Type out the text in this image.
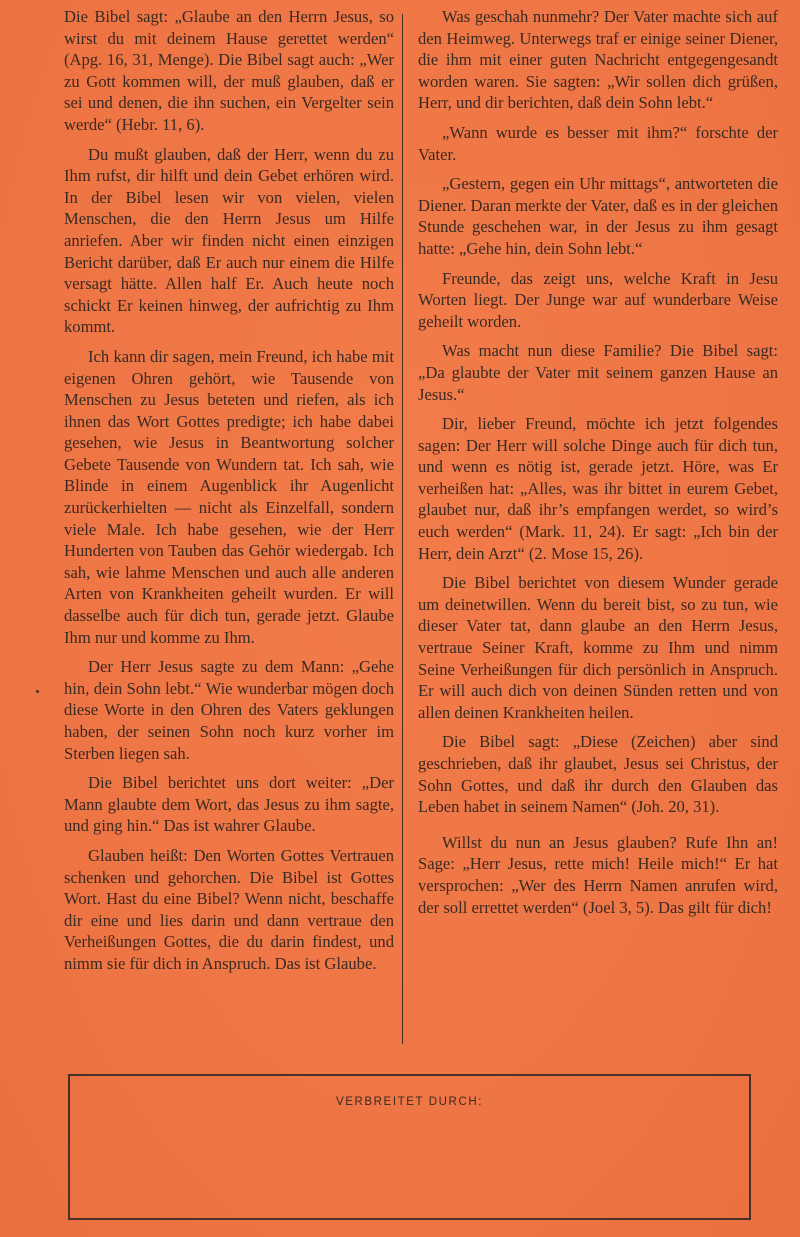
Die Bibel sagt: „Glaube an den Herrn Jesus, so wirst du mit deinem Hause gerettet werden“ (Apg. 16, 31, Menge). Die Bibel sagt auch: „Wer zu Gott kommen will, der muß glauben, daß er sei und denen, die ihn suchen, ein Vergelter sein werde“ (Hebr. 11, 6).

Du mußt glauben, daß der Herr, wenn du zu Ihm rufst, dir hilft und dein Gebet erhören wird. In der Bibel lesen wir von vielen, vielen Menschen, die den Herrn Jesus um Hilfe anriefen. Aber wir finden nicht einen einzigen Bericht darüber, daß Er auch nur einem die Hilfe versagt hätte. Allen half Er. Auch heute noch schickt Er keinen hinweg, der aufrichtig zu Ihm kommt.

Ich kann dir sagen, mein Freund, ich habe mit eigenen Ohren gehört, wie Tausende von Menschen zu Jesus beteten und riefen, als ich ihnen das Wort Gottes predigte; ich habe dabei gesehen, wie Jesus in Beantwortung solcher Gebete Tausende von Wundern tat. Ich sah, wie Blinde in einem Augenblick ihr Augenlicht zurückerhielten — nicht als Einzelfall, sondern viele Male. Ich habe gesehen, wie der Herr Hunderten von Tauben das Gehör wiedergab. Ich sah, wie lahme Menschen und auch alle anderen Arten von Krankheiten geheilt wurden. Er will dasselbe auch für dich tun, gerade jetzt. Glaube Ihm nur und komme zu Ihm.

Der Herr Jesus sagte zu dem Mann: „Gehe hin, dein Sohn lebt.“ Wie wunderbar mögen doch diese Worte in den Ohren des Vaters geklungen haben, der seinen Sohn noch kurz vorher im Sterben liegen sah.

Die Bibel berichtet uns dort weiter: „Der Mann glaubte dem Wort, das Jesus zu ihm sagte, und ging hin.“ Das ist wahrer Glaube.

Glauben heißt: Den Worten Gottes Vertrauen schenken und gehorchen. Die Bibel ist Gottes Wort. Hast du eine Bibel? Wenn nicht, beschaffe dir eine und lies darin und dann vertraue den Verheißungen Gottes, die du darin findest, und nimm sie für dich in Anspruch. Das ist Glaube.

Was geschah nunmehr? Der Vater machte sich auf den Heimweg. Unterwegs traf er einige seiner Diener, die ihm mit einer guten Nachricht entgegengesandt worden waren. Sie sagten: „Wir sollen dich grüßen, Herr, und dir berichten, daß dein Sohn lebt.“

„Wann wurde es besser mit ihm?“ forschte der Vater.

„Gestern, gegen ein Uhr mittags“, antworteten die Diener. Daran merkte der Vater, daß es in der gleichen Stunde geschehen war, in der Jesus zu ihm gesagt hatte: „Gehe hin, dein Sohn lebt.“

Freunde, das zeigt uns, welche Kraft in Jesu Worten liegt. Der Junge war auf wunderbare Weise geheilt worden.

Was macht nun diese Familie? Die Bibel sagt: „Da glaubte der Vater mit seinem ganzen Hause an Jesus.“

Dir, lieber Freund, möchte ich jetzt folgendes sagen: Der Herr will solche Dinge auch für dich tun, und wenn es nötig ist, gerade jetzt. Höre, was Er verheißen hat: „Alles, was ihr bittet in eurem Gebet, glaubet nur, daß ihr’s empfangen werdet, so wird’s euch werden“ (Mark. 11, 24). Er sagt: „Ich bin der Herr, dein Arzt“ (2. Mose 15, 26).

Die Bibel berichtet von diesem Wunder gerade um deinetwillen. Wenn du bereit bist, so zu tun, wie dieser Vater tat, dann glaube an den Herrn Jesus, vertraue Seiner Kraft, komme zu Ihm und nimm Seine Verheißungen für dich persönlich in Anspruch. Er will auch dich von deinen Sünden retten und von allen deinen Krankheiten heilen.

Die Bibel sagt: „Diese (Zeichen) aber sind geschrieben, daß ihr glaubet, Jesus sei Christus, der Sohn Gottes, und daß ihr durch den Glauben das Leben habet in seinem Namen“ (Joh. 20, 31).

Willst du nun an Jesus glauben? Rufe Ihn an! Sage: „Herr Jesus, rette mich! Heile mich!“ Er hat versprochen: „Wer des Herrn Namen anrufen wird, der soll errettet werden“ (Joel 3, 5). Das gilt für dich!

VERBREITET DURCH:
